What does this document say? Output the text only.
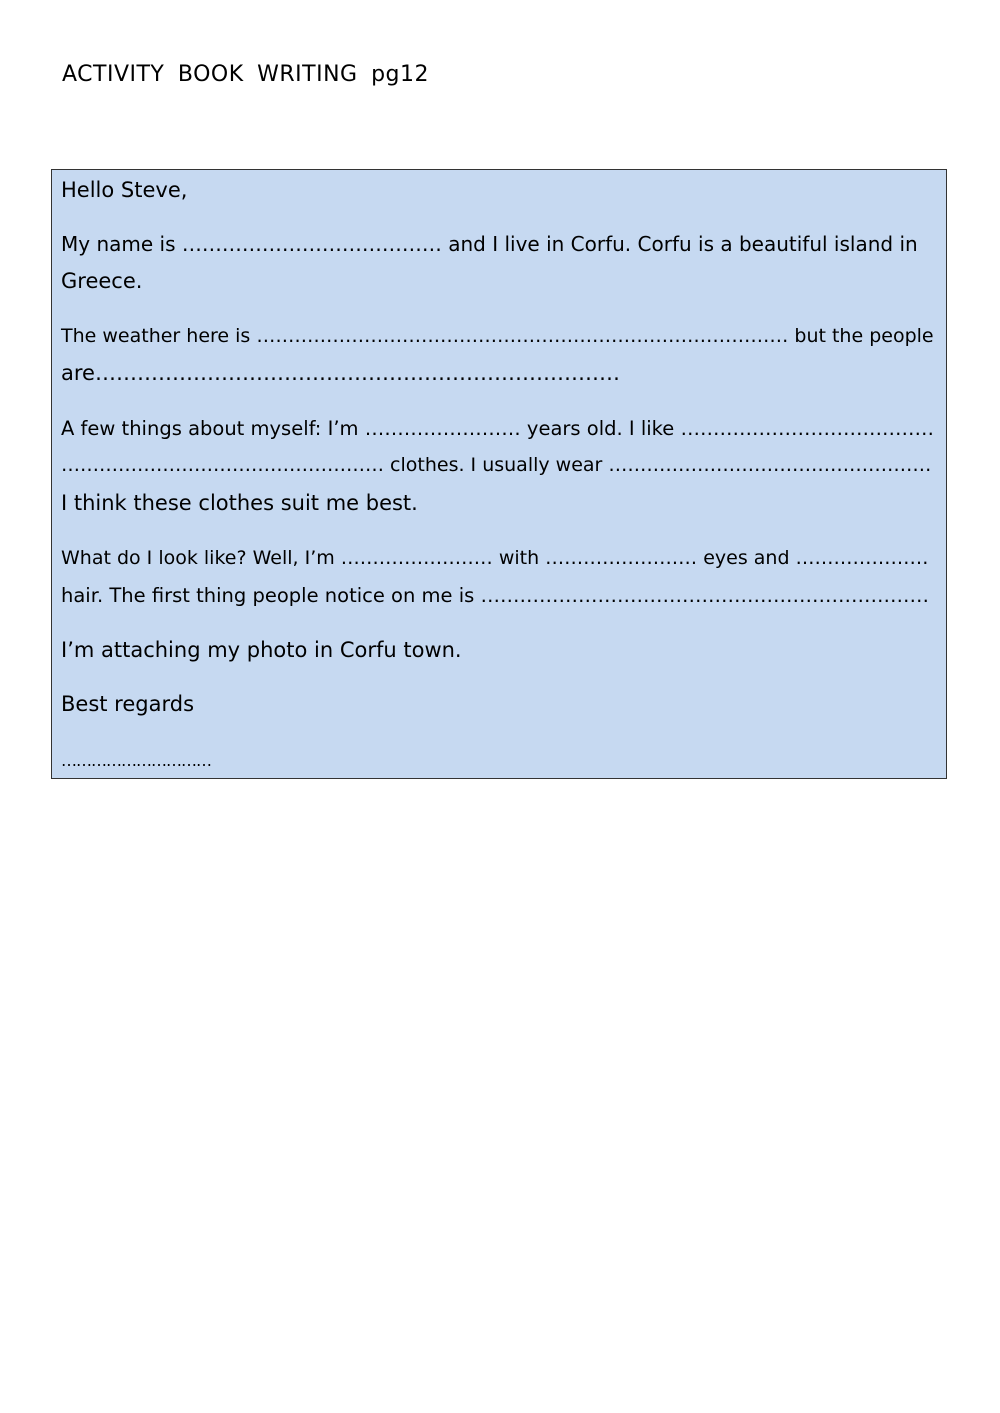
ACTIVITY BOOK WRITING pg12

Hello Steve,

My name is ………………………………… and I live in Corfu. Corfu is a beautiful island in

Greece.

The weather here is ………………………………………………………………………… but the people

are…………………………………………………………………

A few things about myself: I’m …………………… years old. I like …………………………………

…………………………………………… clothes. I usually wear ……………………………………………

I think these clothes suit me best.

What do I look like? Well, I’m …………………… with …………………… eyes and …………………

hair. The first thing people notice on me is ……………………………………………………………

I’m attaching my photo in Corfu town.

Best regards

…………………………
